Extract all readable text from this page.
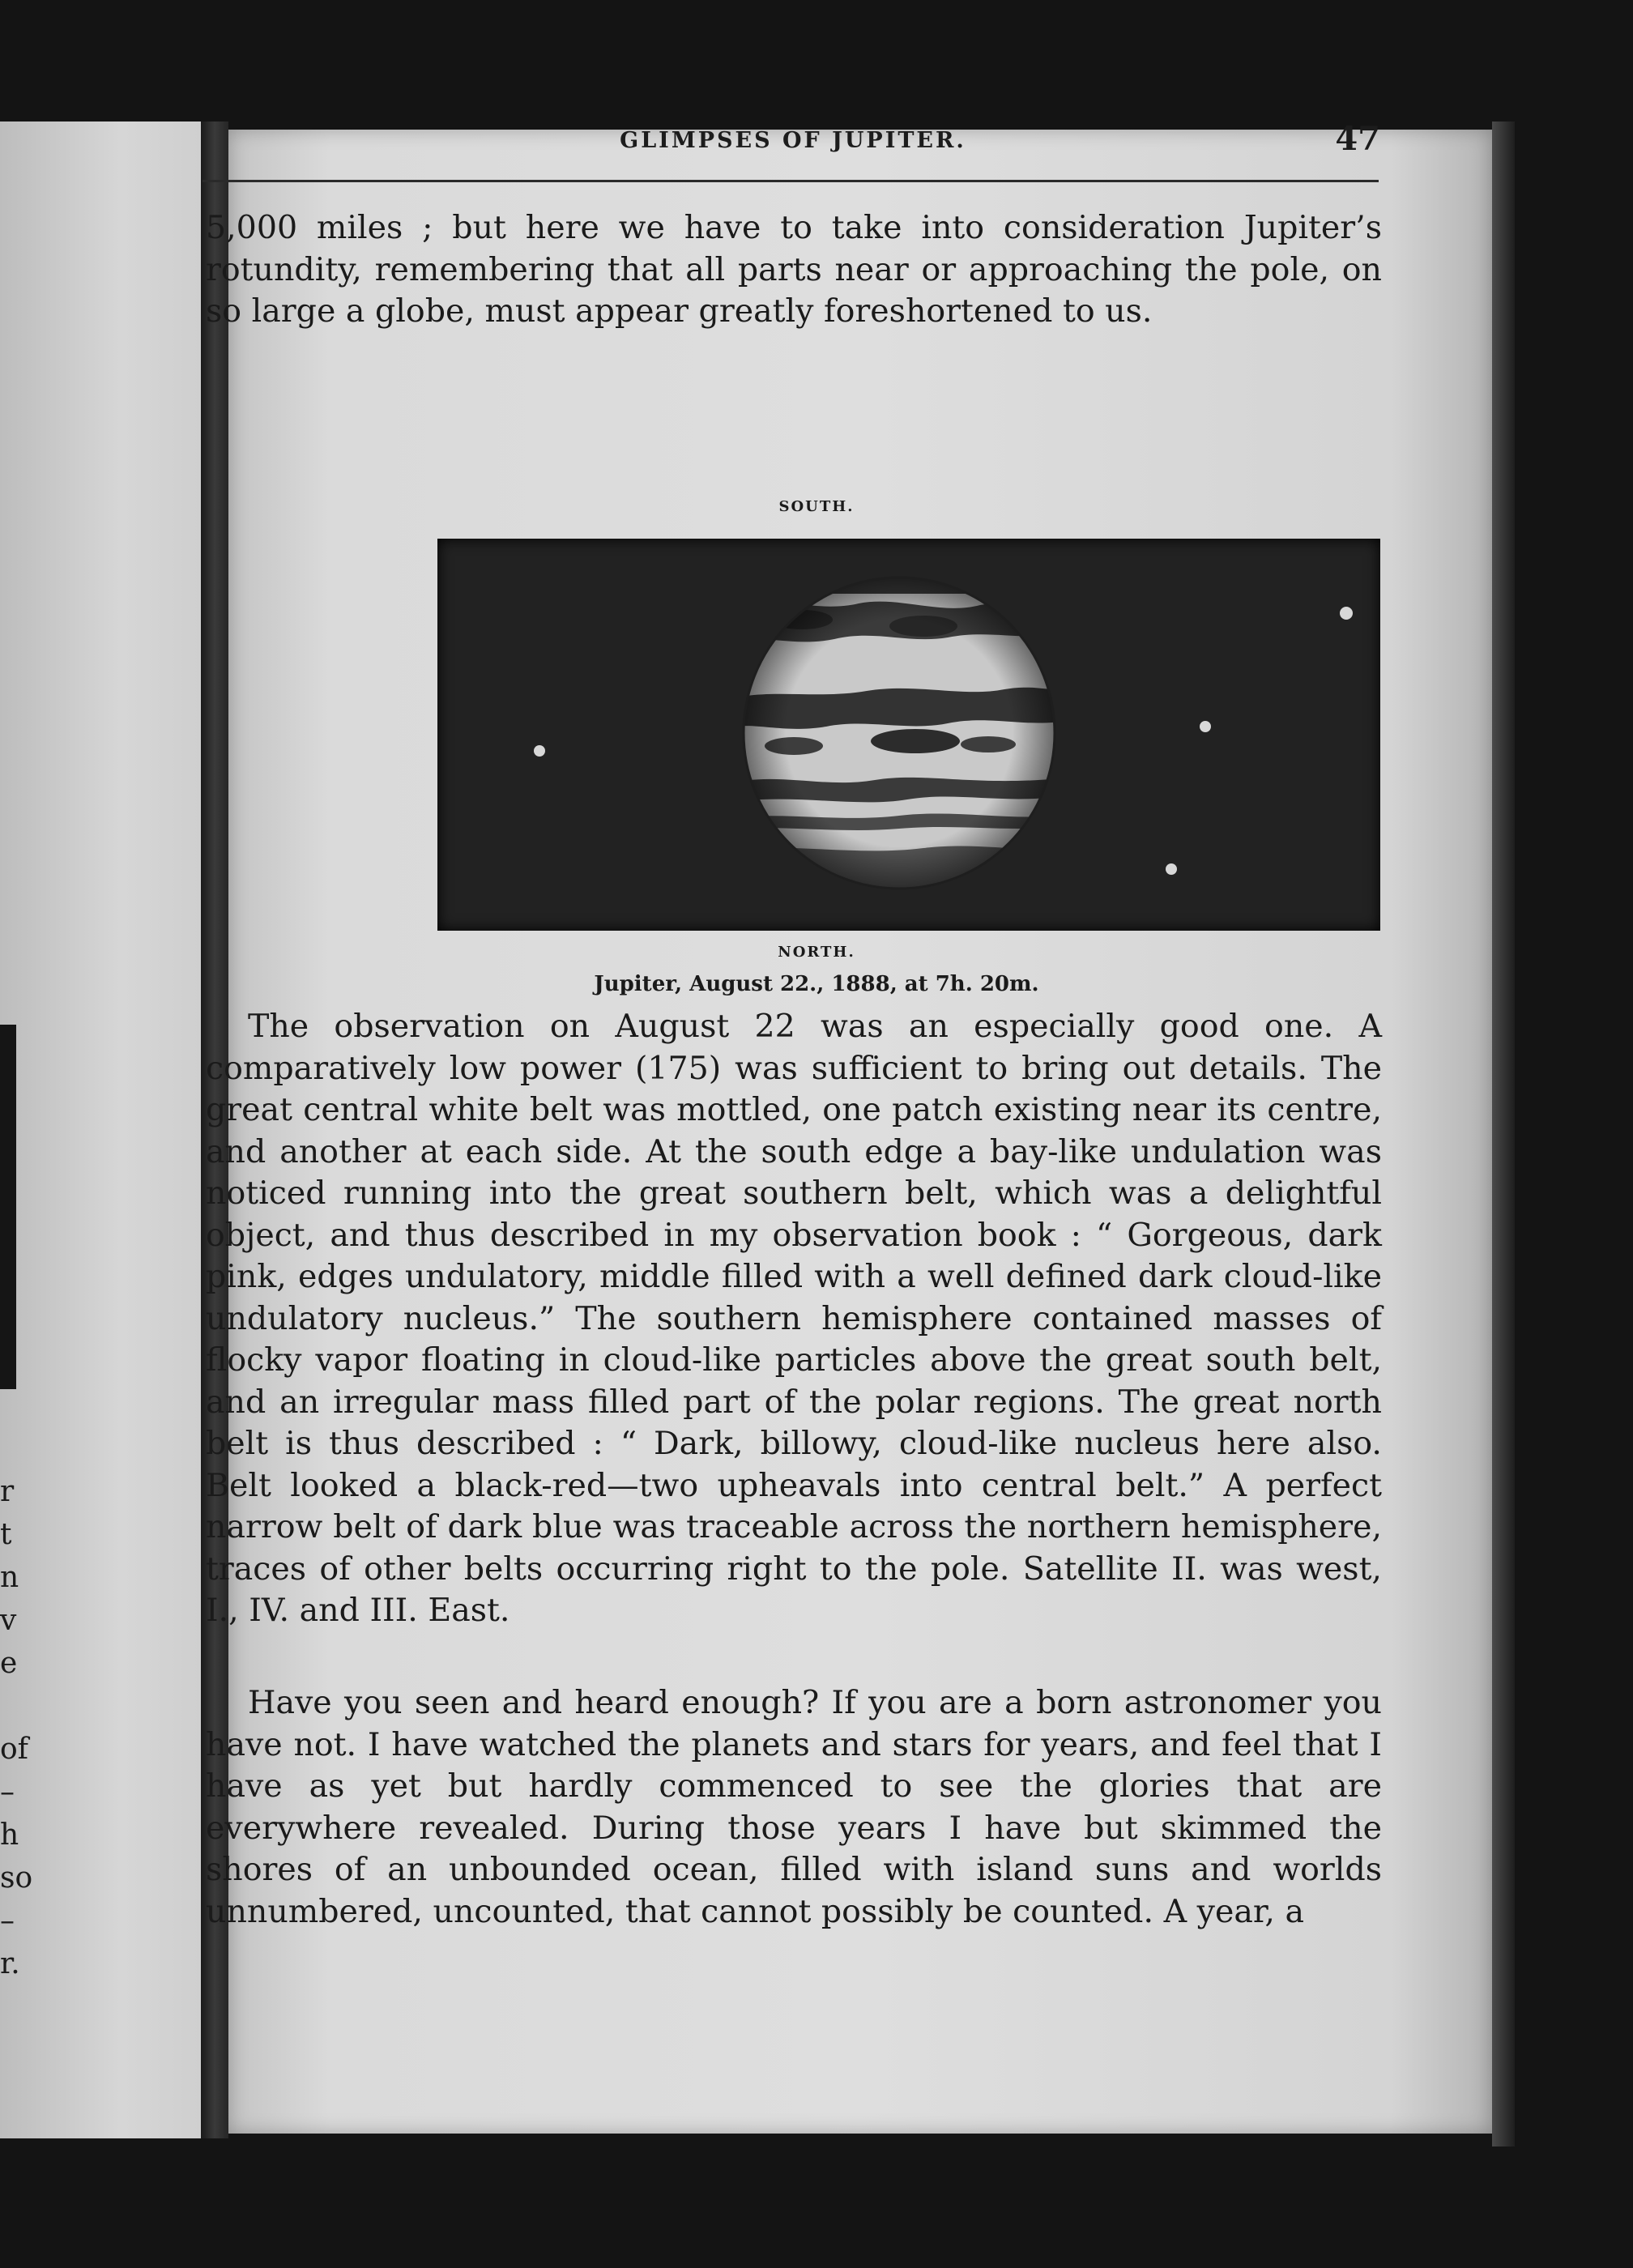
r
t
n
v
e

of
–
h
so
–
r.
GLIMPSES OF JUPITER.	47

5,000 miles ; but here we have to take into consideration Jupiter’s rotundity, remembering that all parts near or approaching the pole, on so large a globe, must appear greatly foreshortened to us.

SOUTH.
NORTH.
Jupiter, August 22., 1888, at 7h. 20m.

The observation on August 22 was an especially good one. A comparatively low power (175) was sufficient to bring out details. The great central white belt was mottled, one patch existing near its centre, and another at each side. At the south edge a bay-like undulation was noticed running into the great southern belt, which was a delightful object, and thus described in my observation book : “ Gorgeous, dark pink, edges undulatory, middle filled with a well defined dark cloud-like undulatory nucleus.” The southern hemisphere contained masses of flocky vapor floating in cloud-like particles above the great south belt, and an irregular mass filled part of the polar regions. The great north belt is thus described : “ Dark, billowy, cloud-like nucleus here also. Belt looked a black-red—two upheavals into central belt.” A perfect narrow belt of dark blue was traceable across the northern hemisphere, traces of other belts occurring right to the pole. Satellite II. was west, I., IV. and III. East.

Have you seen and heard enough? If you are a born astronomer you have not. I have watched the planets and stars for years, and feel that I have as yet but hardly commenced to see the glories that are everywhere revealed. During those years I have but skimmed the shores of an unbounded ocean, filled with island suns and worlds unnumbered, uncounted, that cannot possibly be counted. A year, a
